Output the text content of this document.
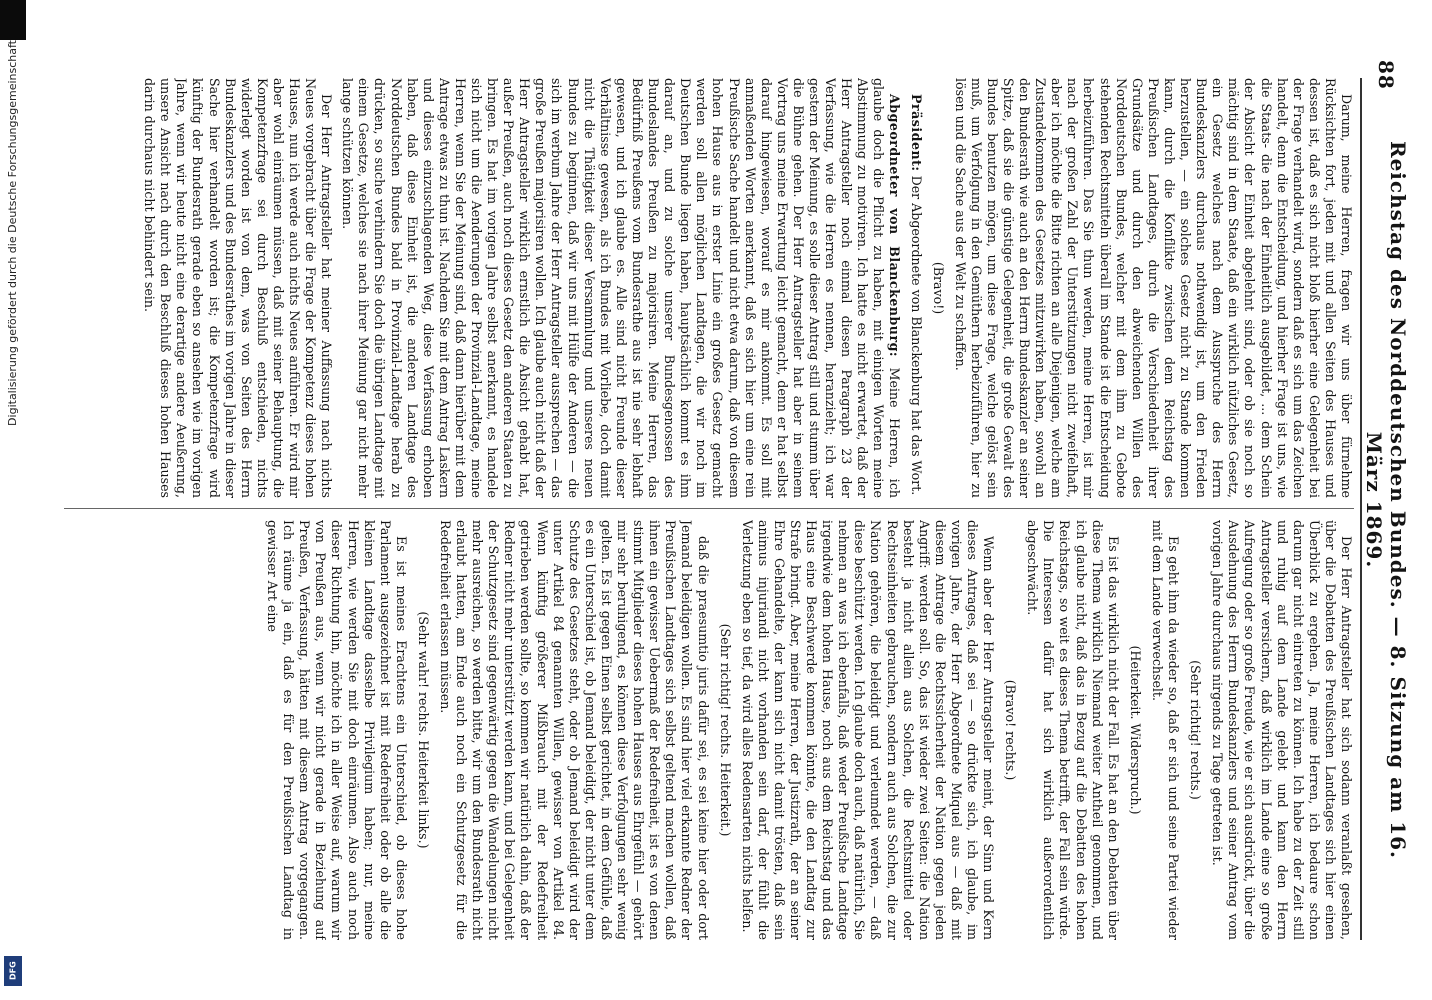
88
Reichstag des Norddeutschen Bundes. — 8. Sitzung am 16. März 1869.

Darum, meine Herren, fragen wir uns über fürnehme Rücksichten fort, jeden mit und allen Seiten des Hauses und dessen ist, daß es sich nicht bloß hierher eine Gelegenheit bei der Frage verhandelt wird, sondern daß es sich um das Zeichen handelt, denn die Entscheidung, und hierher Frage ist uns, wie die Staats- die nach der Einheitlich ausgebildet, ... dem Schein der Absicht der Einheit abgelehnt sind, oder ob sie noch so mächtig sind in dem Staate, daß ein wirklich nützliches Gesetz, ein Gesetz welches nach dem Ausspruche des Herrn Bundeskanzlers durchaus nothwendig ist, um den Frieden herzustellen, — ein solches Gesetz nicht zu Stande kommen kann, durch die Konflikte zwischen dem Reichstag des Preußischen Landtages, durch die Verschiedenheit ihrer Grundsätze und durch den abweichenden Willen des Norddeutschen Bundes, welcher mit dem ihm zu Gebote stehenden Rechtsmitteln überall im Stande ist die Entscheidung herbeizuführen. Das Sie thun werden, meine Herren, ist mir nach der großen Zahl der Unterstützungen nicht zweifelhaft, aber ich möchte die Bitte richten an alle Diejenigen, welche am Zustandekommen des Gesetzes mitzuwirken haben, sowohl an den Bundesrath wie auch an den Herrn Bundeskanzler an seiner Spitze, daß sie die günstige Gelegenheit, die große Gewalt des Bundes benutzen mögen, um diese Frage, welche gelöst sein muß, um Verfolgung in den Gemüthern herbeizuführen, hier zu lösen und die Sache aus der Welt zu schaffen.

(Bravo!)

Präsident: Der Abgeordnete von Blanckenburg hat das Wort.

Abgeordneter von Blanckenburg: Meine Herren, ich glaube doch die Pflicht zu haben, mit einigen Worten meine Abstimmung zu motiviren. Ich hatte es nicht erwartet, daß der Herr Antragsteller noch einmal diesen Paragraph 23 der Verfassung, wie die Herren es nennen, heranzieht; ich war gestern der Meinung, es solle dieser Antrag still und stumm über die Bühne gehen. Der Herr Antragsteller hat aber in seinem Vortrag uns meine Erwartung leicht gemacht, denn er hat selbst darauf hingewiesen, worauf es mir ankommt. Es soll mit anmaßenden Worten anerkannt, daß es sich hier um eine rein Preußische Sache handelt und nicht etwa darum, daß von diesem hohen Hause aus in erster Linie ein großes Gesetz gemacht werden soll allen möglichen Landtagen, die wir noch im Deutschen Bunde liegen haben, hauptsächlich kommt es ihm darauf an, und zu solche unserer Bundesgenossen des Bundeslandes Preußen zu majorisiren. Meine Herren, das Bedürfniß Preußens vom Bundesrathe aus ist nie sehr lebhaft gewesen, und ich glaube es. Alle sind nicht Freunde dieser Verhältnisse gewesen, als ich Bundes mit Vorliebe, doch damit nicht die Thätigkeit dieser Versammlung und unseres neuen Bundes zu beginnen, daß wir uns mit Hülfe der Anderen — die sich im verbum Jahre der Herr Antragsteller aussprechen — das große Preußen majorisiren wollen. Ich glaube auch nicht daß der Herr Antragsteller wirklich ernstlich die Absicht gehabt hat, außer Preußen, auch noch dieses Gesetz den anderen Staaten zu bringen. Es hat im vorigen Jahre selbst anerkannt, es handele sich nicht um die Aenderungen der Provinzial-Landtage, meine Herren, wenn Sie der Meinung sind, daß dann hierüber mit dem Antrage etwas zu thun ist. Nachdem Sie mit dem Antrag Laskern und dieses einzuschlagenden Weg, diese Verfassung erhoben haben, daß diese Einheit ist, die anderen Landtage des Norddeutschen Bundes bald in Provinzial-Landtage herab zu drücken, so suche verhindern Sie doch die übrigen Landtage mit einem Gesetze, welches sie nach ihrer Meinung gar nicht mehr lange schützen können.

Der Herr Antragsteller hat meiner Auffassung nach nichts Neues vorgebracht über die Frage der Kompetenz dieses hohen Hauses, nun ich werde auch nichts Neues anführen. Er wird mir aber wohl einräumen müssen, daß mit seiner Behauptung, die Kompetenzfrage sei durch Beschluß entschieden, nichts widerlegt worden ist von dem, was von Seiten des Herrn Bundeskanzlers und des Bundesrathes im vorigen Jahre in dieser Sache hier verhandelt worden ist; die Kompetenzfrage wird künftig der Bundesrath gerade eben so ansehen wie im vorigen Jahre, wenn wir heute nicht eine derartige andere Aeußerung, unsere Ansicht nach durch den Beschluß dieses hohen Hauses darin durchaus nicht behindert sein.

Der Herr Antragsteller hat sich sodann veranlaßt gesehen, über die Debatten des Preußischen Landtages sich hier einen Überblick zu ergehen. Ja, meine Herren, ich bedaure schon darum gar nicht eintreten zu können. Ich habe zu der Zeit still und ruhig auf dem Lande gelebt und kann den Herrn Antragsteller versichern, daß wirklich im Lande eine so große Aufregung oder so große Freude, wie er sich ausdrückt, über die Ausdehnung des Herrn Bundeskanzlers und seiner Antrag vom vorigen Jahre durchaus nirgends zu Tage getreten ist.

(Sehr richtig! rechts.)

Es geht ihm da wieder so, daß er sich und seine Partei wieder mit dem Lande verwechselt.

(Heiterkeit. Widerspruch.)

Es ist das wirklich nicht der Fall. Es hat an den Debatten über diese Thema wirklich Niemand weiter Antheil genommen, und ich glaube nicht, daß das in Bezug auf die Debatten des hohen Reichstags, so weit es dieses Thema betrifft, der Fall sein würde. Die Interessen dafür hat sich wirklich außerordentlich abgeschwächt.

(Bravo! rechts.)

Wenn aber der Herr Antragsteller meint, der Sinn und Kern dieses Antrages, daß sei — so drückte sich, ich glaube, im vorigen Jahre, der Herr Abgeordnete Miquel aus — daß mit diesem Antrage die Rechtssicherheit der Nation gegen jeden Angriff: werden soll. So, das ist wieder zwei Seiten: die Nation besteht ja nicht allein aus Solchen, die Rechtsmittel oder Rechtseinheiten gebrauchen, sondern auch aus Solchen, die zur Nation gehören, die beleidigt und verleumdet werden, — daß diese beschützt werden. Ich glaube doch auch, daß natürlich, Sie nehmen an was ich ebenfalls, daß weder Preußische Landtage irgendwie dem hohen Hause, noch aus dem Reichstag und das Haus eine Beschwerde kommen könnte, die den Landtag zur Strafe bringt. Aber, meine Herren, der Justizrath, der an seiner Ehre Gehandelte, der kann sich nicht damit trösten, daß sein animus injuriandi nicht vorhanden sein darf, der fühlt die Verletzung eben so tief, da wird alles Redensarten nichts helfen.

(Sehr richtig! rechts. Heiterkeit.)

daß die praesumtio juris dafür sei, es sei keine hier oder dort Jemand beleidigen wollen. Es sind hier viel erkannte Redner der Preußischen Landtages sich selbst geltend machen wollen, daß ihnen ein gewisser Uebermaß der Redefreiheit, ist es von denen stimmt Mitglieder dieses hohen Hauses aus Ehrgefühl — gehört mir sehr beruhigend, es können diese Verfolgungen sehr wenig gelten. Es ist gegen Einen selbst gerichtet, in dem Gefühle, daß es ein Unterschied ist, ob Jemand beleidigt, der nicht unter dem Schutze des Gesetzes steht, oder ob Jemand beleidigt wird der unter Artikel 84 genannten Willen, gewisser von Artikel 84. Wenn künftig größerer Mißbrauch mit der Redefreiheit getrieben werden sollte, so kommen wir natürlich dahin, daß der Redner nicht mehr unterstützt werden kann, und bei Gelegenheit der Schutzgesetz sind gegenwärtig gegen die Wandelungen nicht mehr ausreichen, so werden bitte, wir um den Bundesrath nicht erlaubt hatten, am Ende auch noch ein Schutzgesetz für die Redefreiheit erlassen müssen.

(Sehr wahr! rechts. Heiterkeit links.)

Es ist meines Erachtens ein Unterschied, ob dieses hohe Parlament ausgezeichnet ist mit Redefreiheit oder ob alle die kleinen Landtage dasselbe Privilegium haben; nur, meine Herren, wie werden Sie mit doch einräumen. Also auch noch dieser Richtung hin, möchte ich in aller Weise auf, warum wir von Preußen aus, wenn wir nicht gerade in Beziehung auf Preußen, Verfassung, hätten mit diesem Antrag vorgegangen. Ich räume ja ein, daß es für den Preußischen Landtag in gewisser Art eine

Digitalisierung gefördert durch die Deutsche Forschungsgemeinschaft
DFG
